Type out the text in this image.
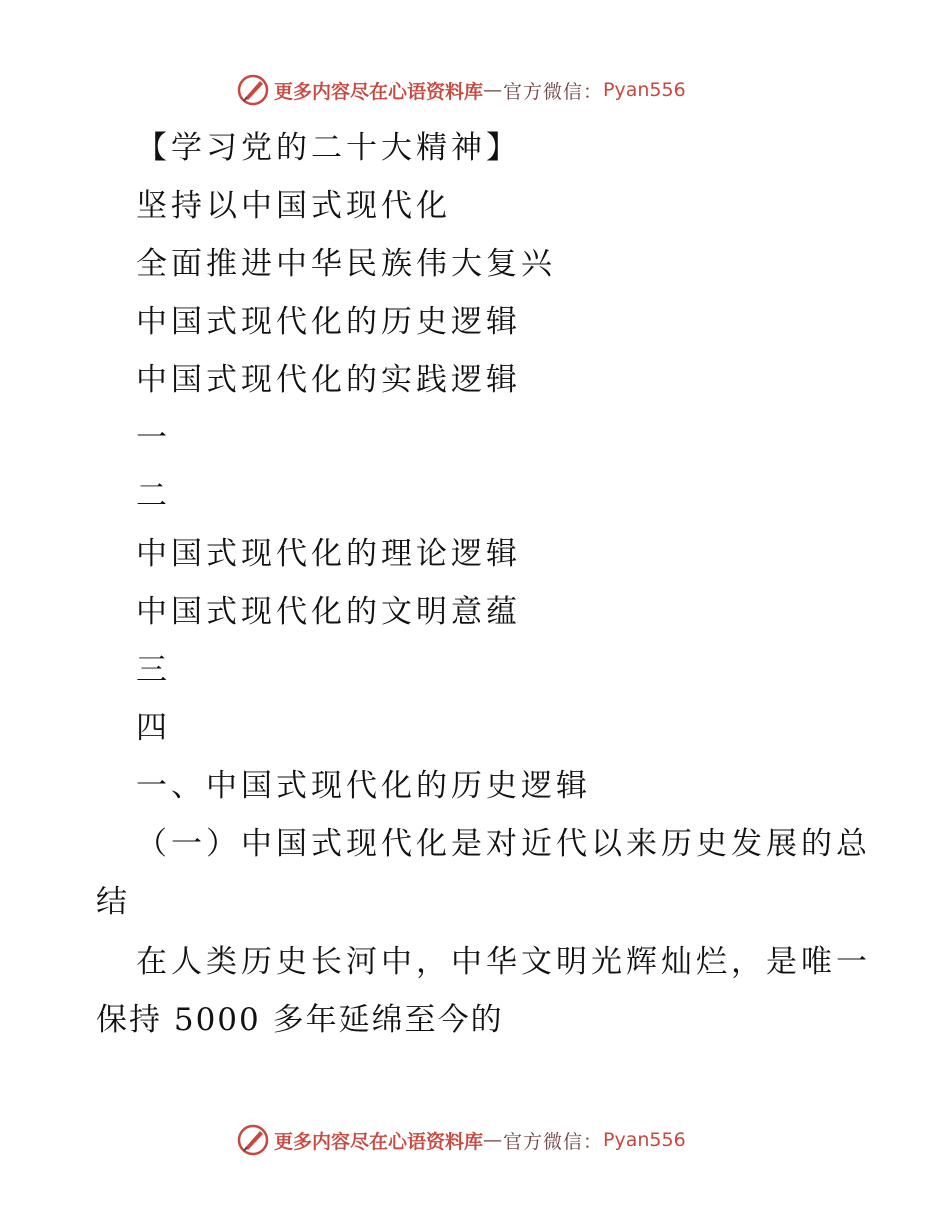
更多内容尽在心语资料库 — 官方微信： Pyan556
【学习党的二十大精神】
坚持以中国式现代化
全面推进中华民族伟大复兴
中国式现代化的历史逻辑
中国式现代化的实践逻辑
一
二
中国式现代化的理论逻辑
中国式现代化的文明意蕴
三
四
一、中国式现代化的历史逻辑
（一）中国式现代化是对近代以来历史发展的总
结
在人类历史长河中，中华文明光辉灿烂，是唯一
保持 5000 多年延绵至今的
更多内容尽在心语资料库 — 官方微信： Pyan556
